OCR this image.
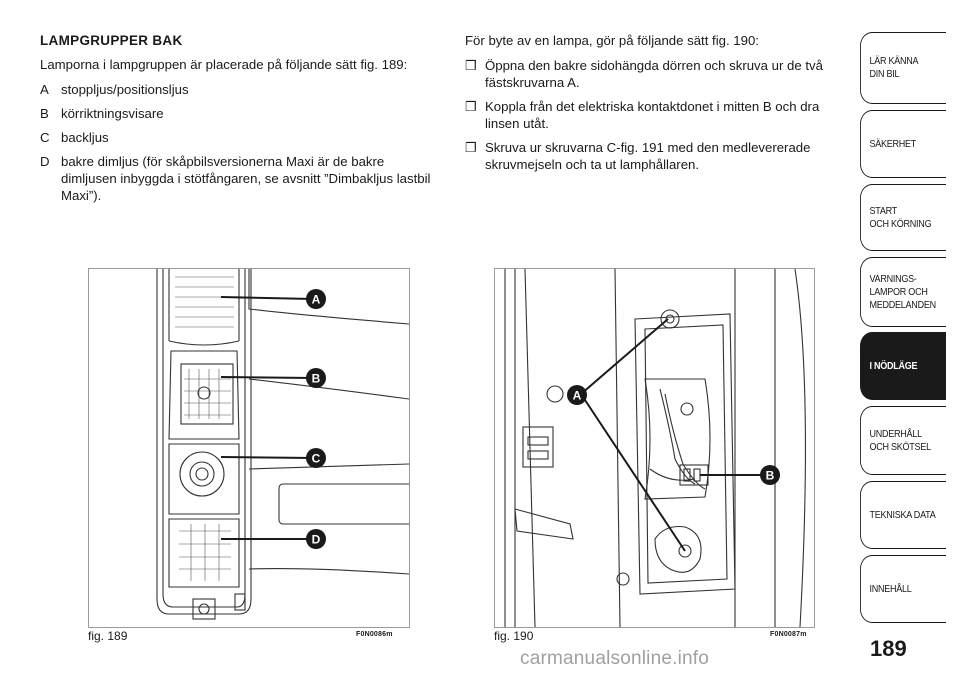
LAMPGRUPPER BAK
Lamporna i lampgruppen är placerade på följande sätt fig. 189:
A stoppljus/positionsljus
B körriktningsvisare
C backljus
D bakre dimljus (för skåpbilsversionerna Maxi är de bakre dimljusen inbyggda i stötfångaren, se avsnitt ”Dimbakljus lastbil Maxi”).
För byte av en lampa, gör på följande sätt fig. 190:
❒ Öppna den bakre sidohängda dörren och skruva ur de två fästskruvarna A.
❒ Koppla från det elektriska kontaktdonet i mitten B och dra linsen utåt.
❒ Skruva ur skruvarna C-fig. 191 med den medlevererade skruvmejseln och ta ut lamphållaren.
A
B
C
D
fig. 189	F0N0086m
A
B
fig. 190	F0N0087m
LÄR KÄNNA
DIN BIL
SÄKERHET
START
OCH KÖRNING
VARNINGS-
LAMPOR OCH
MEDDELANDEN
I NÖDLÄGE
UNDERHÅLL
OCH SKÖTSEL
TEKNISKA DATA
INNEHÅLL
189
carmanualsonline.info
